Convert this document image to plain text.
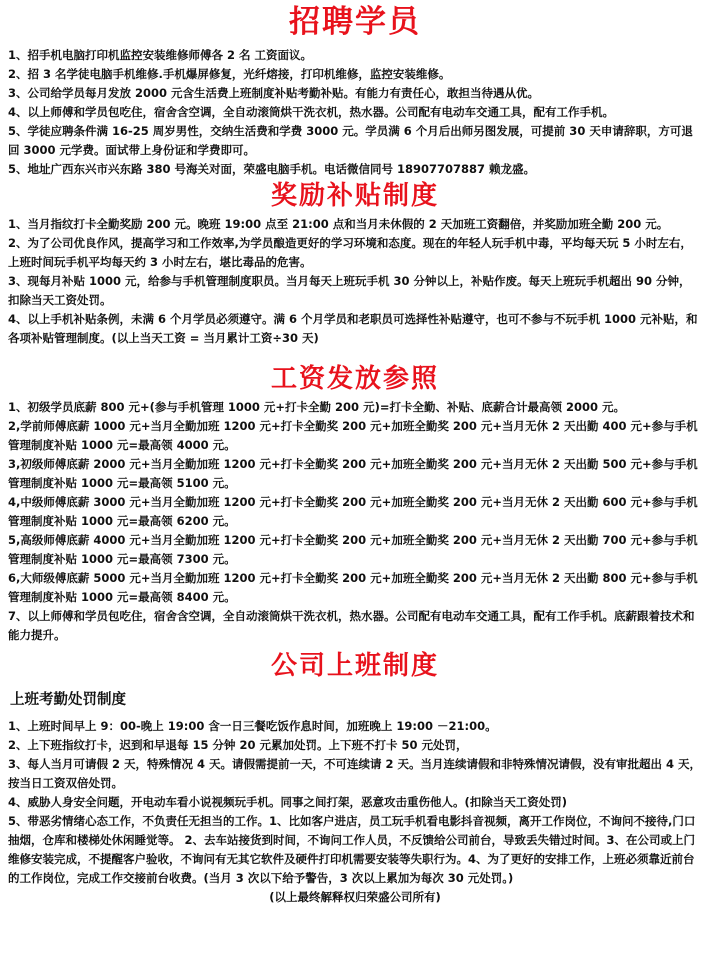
招聘学员

1、招手机电脑打印机监控安装维修师傅各 2 名 工资面议。

2、招 3 名学徒电脑手机维修.手机爆屏修复，光纤熔接，打印机维修，监控安装维修。

3、公司给学员每月发放 2000 元含生活费上班制度补贴考勤补贴。有能力有责任心，敢担当待遇从优。

4、以上师傅和学员包吃住，宿舍含空调，全自动滚筒烘干洗衣机，热水器。公司配有电动车交通工具，配有工作手机。

5、学徒应聘条件满 16-25 周岁男性，交纳生活费和学费 3000 元。学员满 6 个月后出师另图发展，可提前 30 天申请辞职，方可退回 3000 元学费。面试带上身份证和学费即可。

5、地址广西东兴市兴东路 380 号海关对面，荣盛电脑手机。电话微信同号 18907707887 赖龙盛。

奖励补贴制度

1、当月指纹打卡全勤奖励 200 元。晚班 19:00 点至 21:00 点和当月未休假的 2 天加班工资翻倍，并奖励加班全勤 200 元。

2、为了公司优良作风，提高学习和工作效率,为学员酿造更好的学习环境和态度。现在的年轻人玩手机中毒，平均每天玩 5 小时左右，上班时间玩手机平均每天约 3 小时左右，堪比毒品的危害。

3、现每月补贴 1000 元，给参与手机管理制度职员。当月每天上班玩手机 30 分钟以上，补贴作废。每天上班玩手机超出 90 分钟，扣除当天工资处罚。

4、以上手机补贴条例，未满 6 个月学员必须遵守。满 6 个月学员和老职员可选择性补贴遵守，也可不参与不玩手机 1000 元补贴，和各项补贴管理制度。(以上当天工资 = 当月累计工资÷30 天)

工资发放参照

1、初级学员底薪 800 元+(参与手机管理 1000 元+打卡全勤 200 元)=打卡全勤、补贴、底薪合计最高领 2000 元。

2,学前师傅底薪 1000 元+当月全勤加班 1200 元+打卡全勤奖 200 元+加班全勤奖 200 元+当月无休 2 天出勤 400 元+参与手机管理制度补贴 1000 元=最高领 4000 元。

3,初级师傅底薪 2000 元+当月全勤加班 1200 元+打卡全勤奖 200 元+加班全勤奖 200 元+当月无休 2 天出勤 500 元+参与手机管理制度补贴 1000 元=最高领 5100 元。

4,中级师傅底薪 3000 元+当月全勤加班 1200 元+打卡全勤奖 200 元+加班全勤奖 200 元+当月无休 2 天出勤 600 元+参与手机管理制度补贴 1000 元=最高领 6200 元。

5,高级师傅底薪 4000 元+当月全勤加班 1200 元+打卡全勤奖 200 元+加班全勤奖 200 元+当月无休 2 天出勤 700 元+参与手机管理制度补贴 1000 元=最高领 7300 元。

6,大师级傅底薪 5000 元+当月全勤加班 1200 元+打卡全勤奖 200 元+加班全勤奖 200 元+当月无休 2 天出勤 800 元+参与手机管理制度补贴 1000 元=最高领 8400 元。

7、以上师傅和学员包吃住，宿舍含空调，全自动滚筒烘干洗衣机，热水器。公司配有电动车交通工具，配有工作手机。底薪跟着技术和能力提升。

公司上班制度
上班考勤处罚制度

1、上班时间早上 9：00-晚上 19:00 含一日三餐吃饭作息时间，加班晚上 19:00 －21:00。

2、上下班指纹打卡，迟到和早退每 15 分钟 20 元累加处罚。上下班不打卡 50 元处罚，

3、每人当月可请假 2 天，特殊情况 4 天。请假需提前一天，不可连续请 2 天。当月连续请假和非特殊情况请假，没有审批超出 4 天，按当日工资双倍处罚。

4、威胁人身安全问题，开电动车看小说视频玩手机。同事之间打架，恶意攻击重伤他人。(扣除当天工资处罚)

5、带恶劣情绪心态工作，不负责任无担当的工作。1、比如客户进店，员工玩手机看电影抖音视频，离开工作岗位，不询问不接待,门口抽烟，仓库和楼梯处休闲睡觉等。 2、去车站接货到时间，不询问工作人员，不反馈给公司前台，导致丢失错过时间。3、在公司或上门维修安装完成，不提醒客户验收，不询问有无其它软件及硬件打印机需要安装等失职行为。4、为了更好的安排工作，上班必须靠近前台的工作岗位，完成工作交接前台收费。(当月 3 次以下给予警告，3 次以上累加为每次 30 元处罚。)

(以上最终解释权归荣盛公司所有)
